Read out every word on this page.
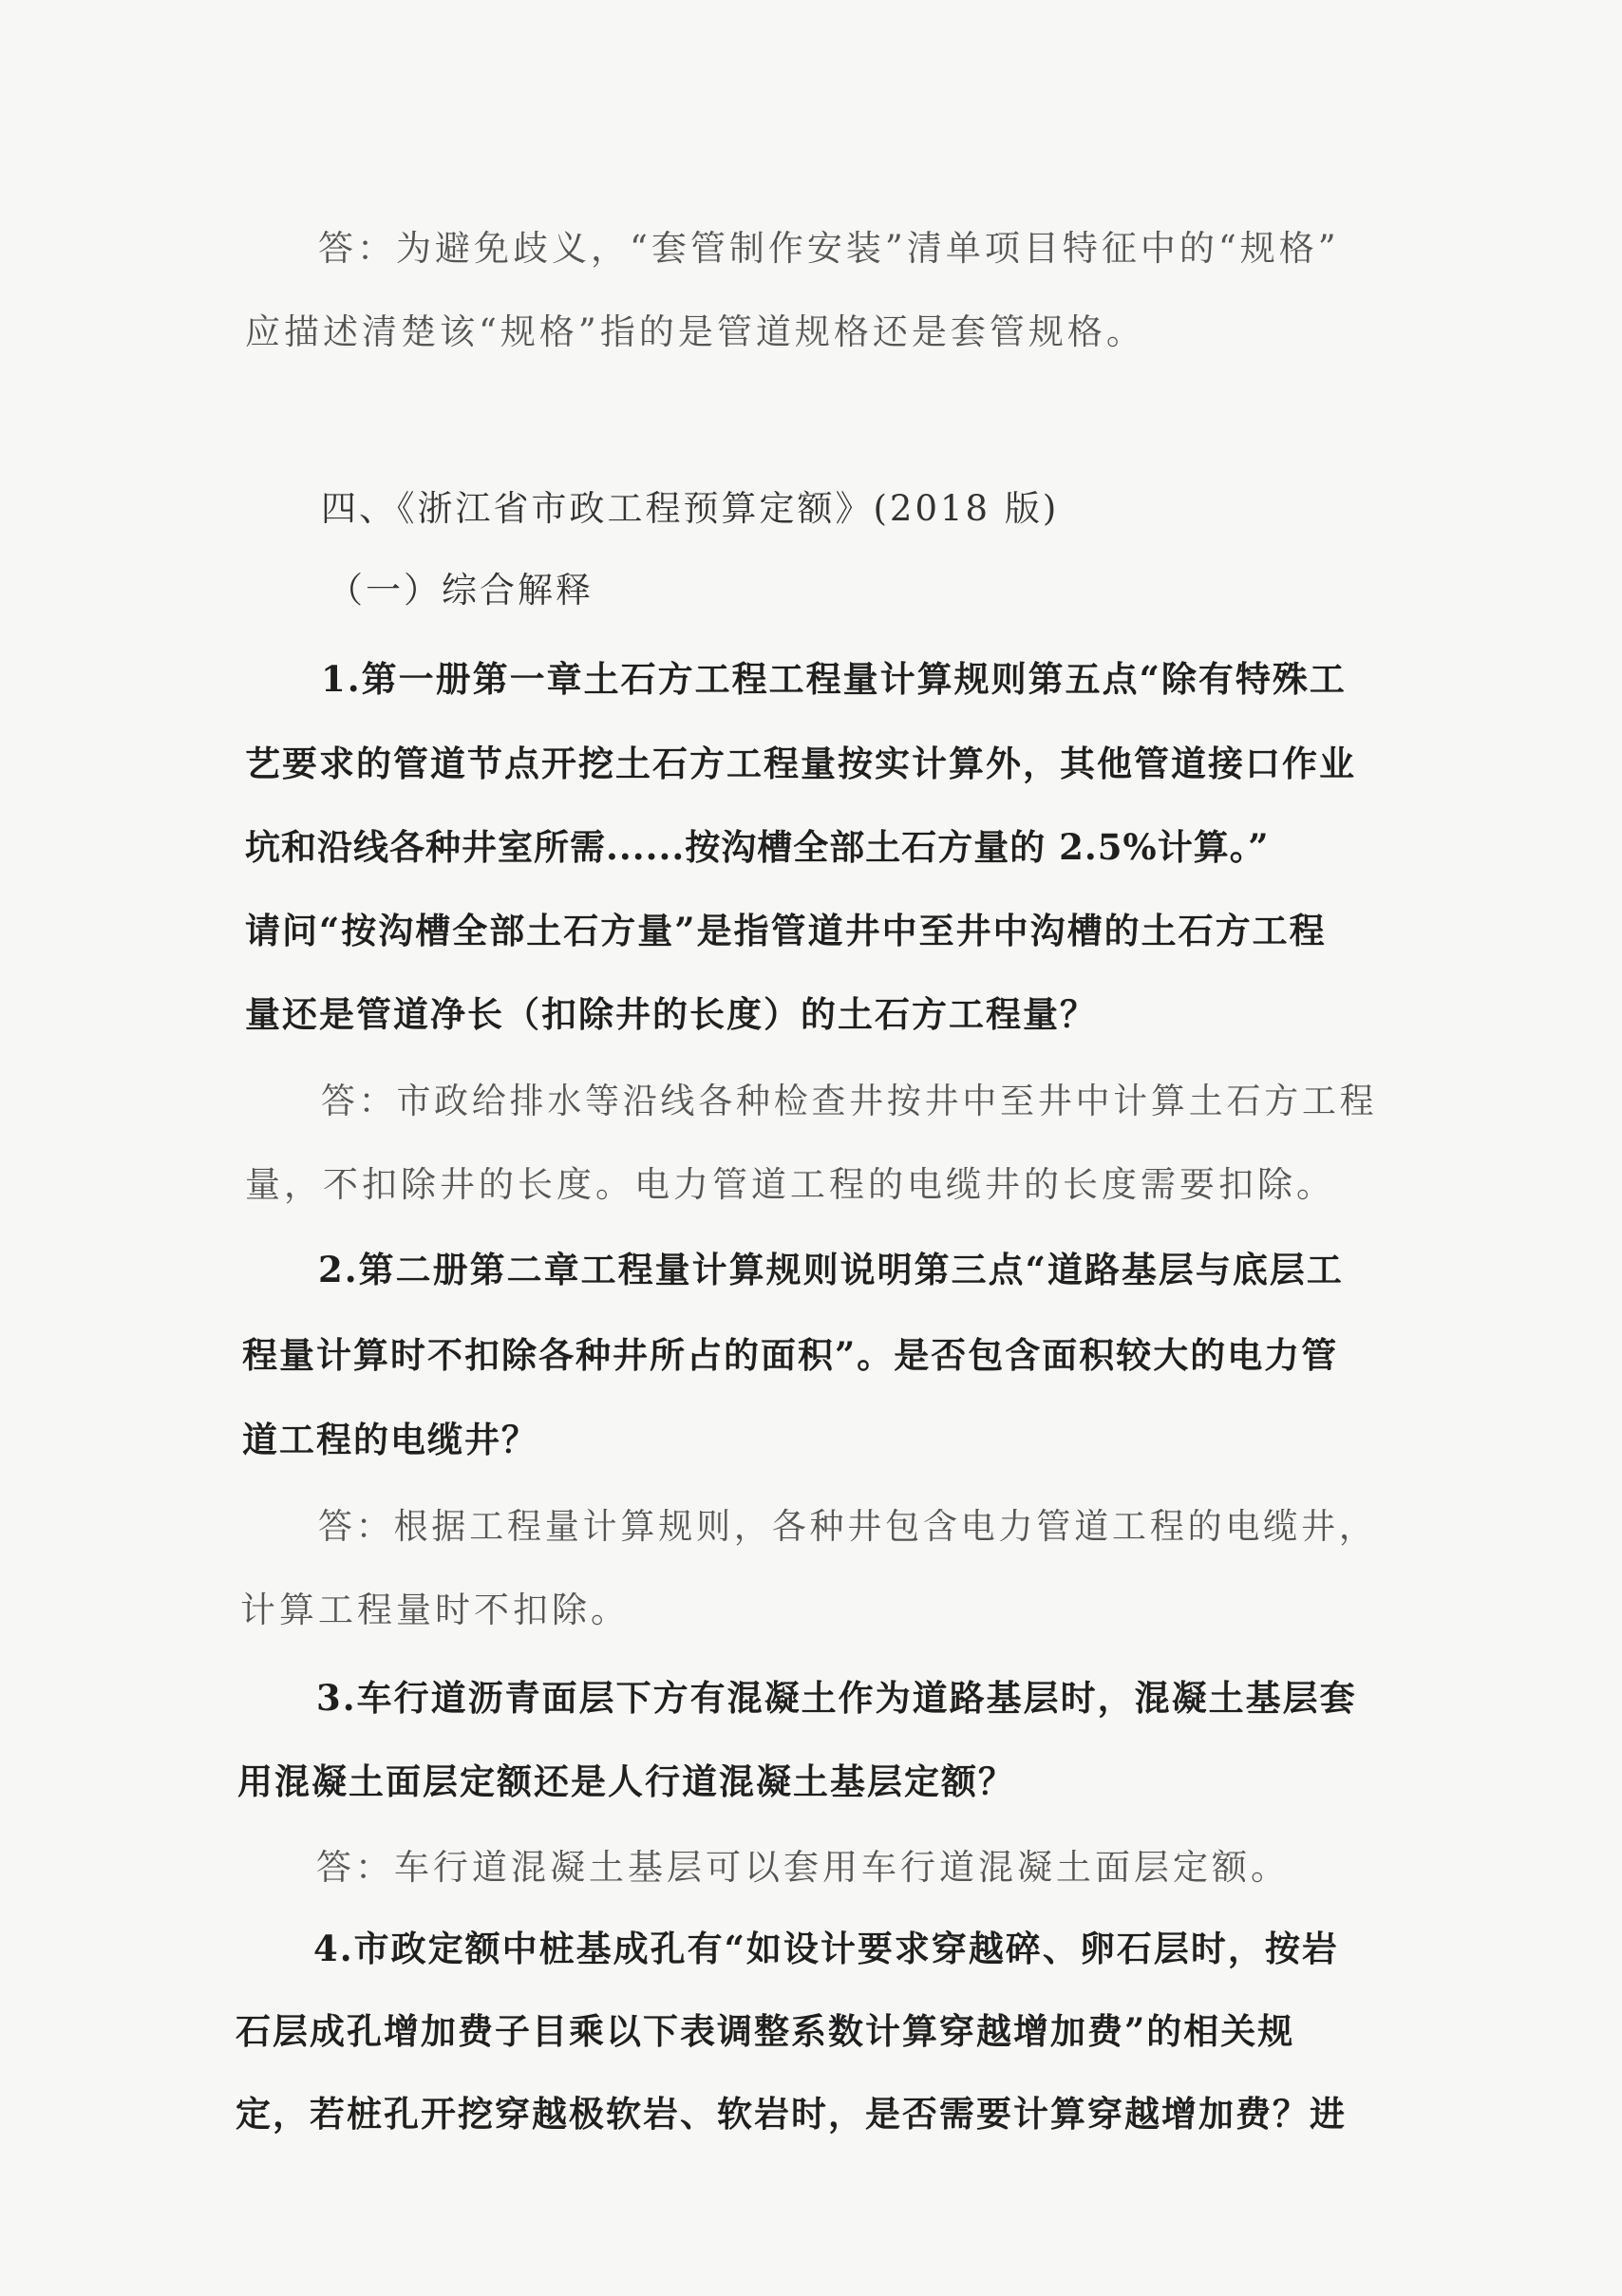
答：为避免歧义，“套管制作安装”清单项目特征中的“规格”
应描述清楚该“规格”指的是管道规格还是套管规格。
四、《浙江省市政工程预算定额》(2018 版)
（一）综合解释
1.第一册第一章土石方工程工程量计算规则第五点“除有特殊工
艺要求的管道节点开挖土石方工程量按实计算外，其他管道接口作业
坑和沿线各种井室所需......按沟槽全部土石方量的 2.5%计算。”
请问“按沟槽全部土石方量”是指管道井中至井中沟槽的土石方工程
量还是管道净长（扣除井的长度）的土石方工程量？
答：市政给排水等沿线各种检查井按井中至井中计算土石方工程
量，不扣除井的长度。电力管道工程的电缆井的长度需要扣除。
2.第二册第二章工程量计算规则说明第三点“道路基层与底层工
程量计算时不扣除各种井所占的面积”。是否包含面积较大的电力管
道工程的电缆井？
答：根据工程量计算规则，各种井包含电力管道工程的电缆井，
计算工程量时不扣除。
3.车行道沥青面层下方有混凝土作为道路基层时，混凝土基层套
用混凝土面层定额还是人行道混凝土基层定额？
答：车行道混凝土基层可以套用车行道混凝土面层定额。
4.市政定额中桩基成孔有“如设计要求穿越碎、卵石层时，按岩
石层成孔增加费子目乘以下表调整系数计算穿越增加费”的相关规
定，若桩孔开挖穿越极软岩、软岩时，是否需要计算穿越增加费？进
